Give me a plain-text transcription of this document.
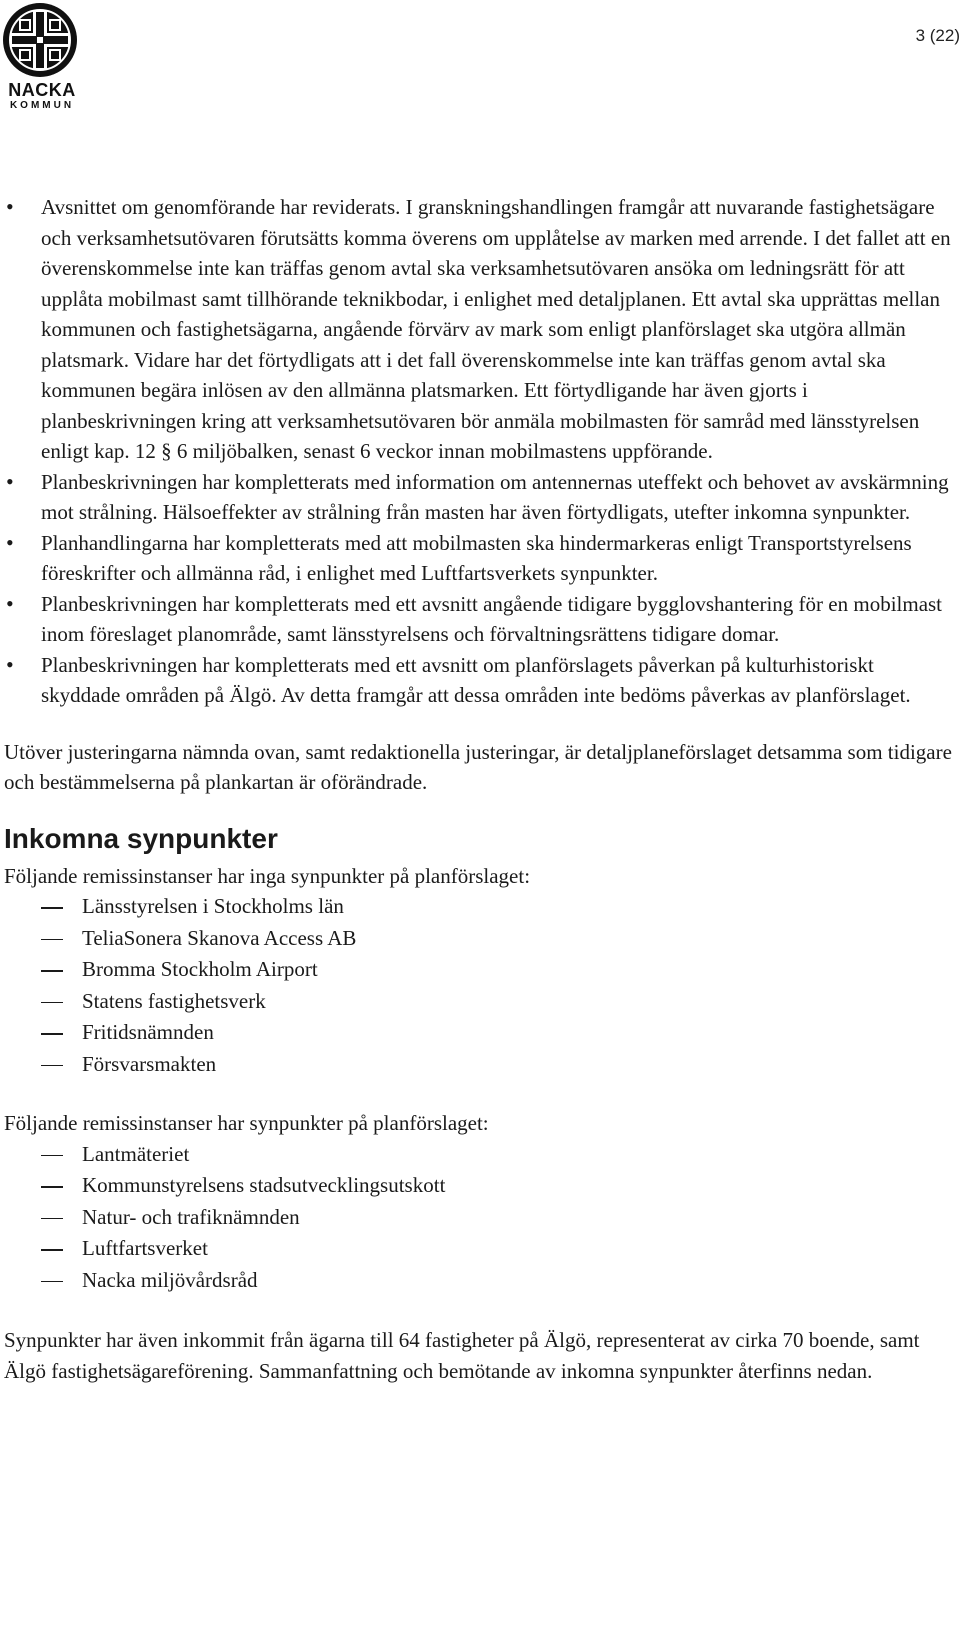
NACKA
KOMMUN
3 (22)
• Avsnittet om genomförande har reviderats. I granskningshandlingen framgår att nuvarande fastighetsägare och verksamhetsutövaren förutsätts komma överens om upplåtelse av marken med arrende. I det fallet att en överenskommelse inte kan träffas genom avtal ska verksamhetsutövaren ansöka om ledningsrätt för att upplåta mobilmast samt tillhörande teknikbodar, i enlighet med detaljplanen. Ett avtal ska upprättas mellan kommunen och fastighetsägarna, angående förvärv av mark som enligt planförslaget ska utgöra allmän platsmark. Vidare har det förtydligats att i det fall överenskommelse inte kan träffas genom avtal ska kommunen begära inlösen av den allmänna platsmarken. Ett förtydligande har även gjorts i planbeskrivningen kring att verksamhetsutövaren bör anmäla mobilmasten för samråd med länsstyrelsen enligt kap. 12 § 6 miljöbalken, senast 6 veckor innan mobilmastens uppförande.
• Planbeskrivningen har kompletterats med information om antennernas uteffekt och behovet av avskärmning mot strålning. Hälsoeffekter av strålning från masten har även förtydligats, utefter inkomna synpunkter.
• Planhandlingarna har kompletterats med att mobilmasten ska hindermarkeras enligt Transportstyrelsens föreskrifter och allmänna råd, i enlighet med Luftfartsverkets synpunkter.
• Planbeskrivningen har kompletterats med ett avsnitt angående tidigare bygglovshantering för en mobilmast inom föreslaget planområde, samt länsstyrelsens och förvaltningsrättens tidigare domar.
• Planbeskrivningen har kompletterats med ett avsnitt om planförslagets påverkan på kulturhistoriskt skyddade områden på Älgö. Av detta framgår att dessa områden inte bedöms påverkas av planförslaget.

Utöver justeringarna nämnda ovan, samt redaktionella justeringar, är detaljplaneförslaget detsamma som tidigare och bestämmelserna på plankartan är oförändrade.

Inkomna synpunkter

Följande remissinstanser har inga synpunkter på planförslaget:

Länsstyrelsen i Stockholms län
TeliaSonera Skanova Access AB
Bromma Stockholm Airport
Statens fastighetsverk
Fritidsnämnden
Försvarsmakten

Följande remissinstanser har synpunkter på planförslaget:

Lantmäteriet
Kommunstyrelsens stadsutvecklingsutskott
Natur- och trafiknämnden
Luftfartsverket
Nacka miljövårdsråd

Synpunkter har även inkommit från ägarna till 64 fastigheter på Älgö, representerat av cirka 70 boende, samt Älgö fastighetsägareförening. Sammanfattning och bemötande av inkomna synpunkter återfinns nedan.
